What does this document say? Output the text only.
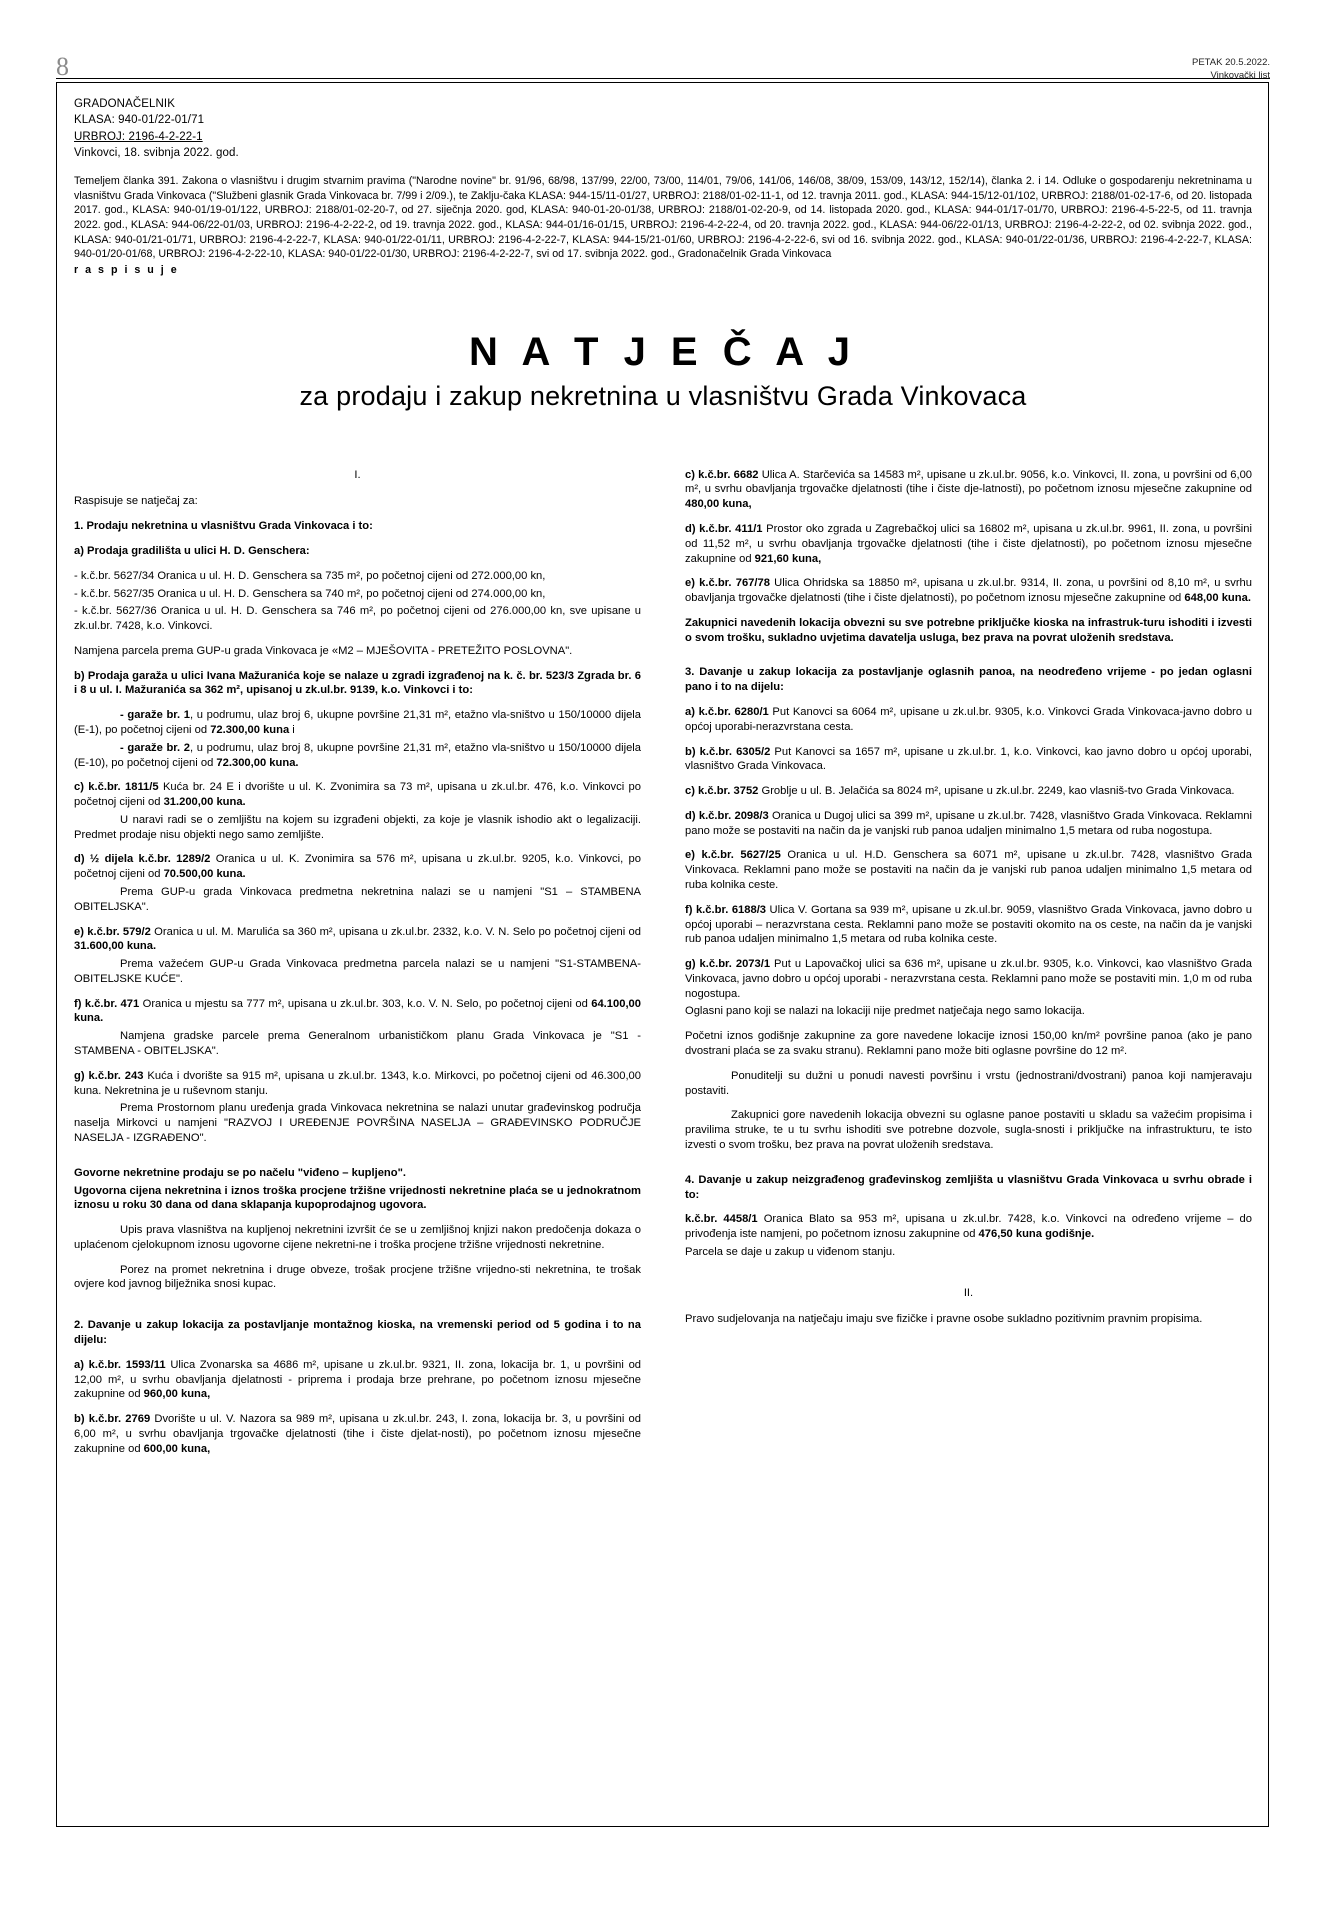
8	PETAK 20.5.2022.
Vinkovački list
GRADONAČELNIK
KLASA: 940-01/22-01/71
URBROJ: 2196-4-2-22-1
Vinkovci, 18. svibnja 2022. god.
Temeljem članka 391. Zakona o vlasništvu i drugim stvarnim pravima ("Narodne novine" br. 91/96, 68/98, 137/99, 22/00, 73/00, 114/01, 79/06, 141/06, 146/08, 38/09, 153/09, 143/12, 152/14), članka 2. i 14. Odluke o gospodarenju nekretninama u vlasništvu Grada Vinkovaca ("Službeni glasnik Grada Vinkovaca br. 7/99 i 2/09.), te Zaklju-čaka KLASA: 944-15/11-01/27, URBROJ: 2188/01-02-11-1, od 12. travnja 2011. god., KLASA: 944-15/12-01/102, URBROJ: 2188/01-02-17-6, od 20. listopada 2017. god., KLASA: 940-01/19-01/122, URBROJ: 2188/01-02-20-7, od 27. siječnja 2020. god, KLASA: 940-01-20-01/38, URBROJ: 2188/01-02-20-9, od 14. listopada 2020. god., KLASA: 944-01/17-01/70, URBROJ: 2196-4-5-22-5, od 11. travnja 2022. god., KLASA: 944-06/22-01/03, URBROJ: 2196-4-2-22-2, od 19. travnja 2022. god., KLASA: 944-01/16-01/15, URBROJ: 2196-4-2-22-4, od 20. travnja 2022. god., KLASA: 944-06/22-01/13, URBROJ: 2196-4-2-22-2, od 02. svibnja 2022. god., KLASA: 940-01/21-01/71, URBROJ: 2196-4-2-22-7, KLASA: 940-01/22-01/11, URBROJ: 2196-4-2-22-7, KLASA: 944-15/21-01/60, URBROJ: 2196-4-2-22-6, svi od 16. svibnja 2022. god., KLASA: 940-01/22-01/36, URBROJ: 2196-4-2-22-7, KLASA: 940-01/20-01/68, URBROJ: 2196-4-2-22-10, KLASA: 940-01/22-01/30, URBROJ: 2196-4-2-22-7, svi od 17. svibnja 2022. god., Gradonačelnik Grada Vinkovaca
r a s p i s u j e
N A T J E Č A J
za prodaju i zakup nekretnina u vlasništvu Grada Vinkovaca
I.

Raspisuje se natječaj za:

1. Prodaju nekretnina u vlasništvu Grada Vinkovaca i to:

a) Prodaja gradilišta u ulici H. D. Genschera:

- k.č.br. 5627/34 Oranica u ul. H. D. Genschera sa 735 m², po početnoj cijeni od 272.000,00 kn,

- k.č.br. 5627/35 Oranica u ul. H. D. Genschera sa 740 m², po početnoj cijeni od 274.000,00 kn,

- k.č.br. 5627/36 Oranica u ul. H. D. Genschera sa 746 m², po početnoj cijeni od 276.000,00 kn, sve upisane u zk.ul.br. 7428, k.o. Vinkovci.

Namjena parcela prema GUP-u grada Vinkovaca je «M2 – MJEŠOVITA - PRETEŽITO POSLOVNA".

b) Prodaja garaža u ulici Ivana Mažuranića koje se nalaze u zgradi izgrađenoj na k. č. br. 523/3 Zgrada br. 6 i 8 u ul. I. Mažuranića sa 362 m², upisanoj u zk.ul.br. 9139, k.o. Vinkovci i to:

- garaže br. 1, u podrumu, ulaz broj 6, ukupne površine 21,31 m², etažno vla-sništvo u 150/10000 dijela (E-1), po početnoj cijeni od 72.300,00 kuna i

- garaže br. 2, u podrumu, ulaz broj 8, ukupne površine 21,31 m², etažno vla-sništvo u 150/10000 dijela (E-10), po početnoj cijeni od 72.300,00 kuna.

c) k.č.br. 1811/5 Kuća br. 24 E i dvorište u ul. K. Zvonimira sa 73 m², upisana u zk.ul.br. 476, k.o. Vinkovci po početnoj cijeni od 31.200,00 kuna.

U naravi radi se o zemljištu na kojem su izgrađeni objekti, za koje je vlasnik ishodio akt o legalizaciji. Predmet prodaje nisu objekti nego samo zemljište.

d) ½ dijela k.č.br. 1289/2 Oranica u ul. K. Zvonimira sa 576 m², upisana u zk.ul.br. 9205, k.o. Vinkovci, po početnoj cijeni od 70.500,00 kuna.

Prema GUP-u grada Vinkovaca predmetna nekretnina nalazi se u namjeni "S1 – STAMBENA OBITELJSKA".

e) k.č.br. 579/2 Oranica u ul. M. Marulića sa 360 m², upisana u zk.ul.br. 2332, k.o. V. N. Selo po početnoj cijeni od 31.600,00 kuna.

Prema važećem GUP-u Grada Vinkovaca predmetna parcela nalazi se u namjeni "S1-STAMBENA-OBITELJSKE KUĆE".

f) k.č.br. 471 Oranica u mjestu sa 777 m², upisana u zk.ul.br. 303, k.o. V. N. Selo, po početnoj cijeni od 64.100,00 kuna.

Namjena gradske parcele prema Generalnom urbanističkom planu Grada Vinkovaca je "S1 - STAMBENA - OBITELJSKA".

g) k.č.br. 243 Kuća i dvorište sa 915 m², upisana u zk.ul.br. 1343, k.o. Mirkovci, po početnoj cijeni od 46.300,00 kuna. Nekretnina je u ruševnom stanju.

Prema Prostornom planu uređenja grada Vinkovaca nekretnina se nalazi unutar građevinskog područja naselja Mirkovci u namjeni "RAZVOJ I UREĐENJE POVRŠINA NASELJA – GRAĐEVINSKO PODRUČJE NASELJA - IZGRAĐENO".

Govorne nekretnine prodaju se po načelu "viđeno – kupljeno".

Ugovorna cijena nekretnina i iznos troška procjene tržišne vrijednosti nekretnine plaća se u jednokratnom iznosu u roku 30 dana od dana sklapanja kupoprodajnog ugovora.

Upis prava vlasništva na kupljenoj nekretnini izvršit će se u zemljišnoj knjizi nakon predočenja dokaza o uplaćenom cjelokupnom iznosu ugovorne cijene nekretni-ne i troška procjene tržišne vrijednosti nekretnine.

Porez na promet nekretnina i druge obveze, trošak procjene tržišne vrijedno-sti nekretnina, te trošak ovjere kod javnog bilježnika snosi kupac.

2. Davanje u zakup lokacija za postavljanje montažnog kioska, na vremenski period od 5 godina i to na dijelu:

a) k.č.br. 1593/11 Ulica Zvonarska sa 4686 m², upisane u zk.ul.br. 9321, II. zona, lokacija br. 1, u površini od 12,00 m², u svrhu obavljanja djelatnosti - priprema i prodaja brze prehrane, po početnom iznosu mjesečne zakupnine od 960,00 kuna,

b) k.č.br. 2769 Dvorište u ul. V. Nazora sa 989 m², upisana u zk.ul.br. 243, I. zona, lokacija br. 3, u površini od 6,00 m², u svrhu obavljanja trgovačke djelatnosti (tihe i čiste djelat-nosti), po početnom iznosu mjesečne zakupnine od 600,00 kuna,

c) k.č.br. 6682 Ulica A. Starčevića sa 14583 m², upisane u zk.ul.br. 9056, k.o. Vinkovci, II. zona, u površini od 6,00 m², u svrhu obavljanja trgovačke djelatnosti (tihe i čiste dje-latnosti), po početnom iznosu mjesečne zakupnine od 480,00 kuna,

d) k.č.br. 411/1 Prostor oko zgrada u Zagrebačkoj ulici sa 16802 m², upisana u zk.ul.br. 9961, II. zona, u površini od 11,52 m², u svrhu obavljanja trgovačke djelatnosti (tihe i čiste djelatnosti), po početnom iznosu mjesečne zakupnine od 921,60 kuna,

e) k.č.br. 767/78 Ulica Ohridska sa 18850 m², upisana u zk.ul.br. 9314, II. zona, u površini od 8,10 m², u svrhu obavljanja trgovačke djelatnosti (tihe i čiste djelatnosti), po početnom iznosu mjesečne zakupnine od 648,00 kuna.

Zakupnici navedenih lokacija obvezni su sve potrebne priključke kioska na infrastruk-turu ishoditi i izvesti o svom trošku, sukladno uvjetima davatelja usluga, bez prava na povrat uloženih sredstava.

3. Davanje u zakup lokacija za postavljanje oglasnih panoa, na neodređeno vrijeme - po jedan oglasni pano i to na dijelu:

a) k.č.br. 6280/1 Put Kanovci sa 6064 m², upisane u zk.ul.br. 9305, k.o. Vinkovci Grada Vinkovaca-javno dobro u općoj uporabi-nerazvrstana cesta.

b) k.č.br. 6305/2 Put Kanovci sa 1657 m², upisane u zk.ul.br. 1, k.o. Vinkovci, kao javno dobro u općoj uporabi, vlasništvo Grada Vinkovaca.

c) k.č.br. 3752 Groblje u ul. B. Jelačića sa 8024 m², upisane u zk.ul.br. 2249, kao vlasniš-tvo Grada Vinkovaca.

d) k.č.br. 2098/3 Oranica u Dugoj ulici sa 399 m², upisane u zk.ul.br. 7428, vlasništvo Grada Vinkovaca. Reklamni pano može se postaviti na način da je vanjski rub panoa udaljen minimalno 1,5 metara od ruba nogostupa.

e) k.č.br. 5627/25 Oranica u ul. H.D. Genschera sa 6071 m², upisane u zk.ul.br. 7428, vlasništvo Grada Vinkovaca. Reklamni pano može se postaviti na način da je vanjski rub panoa udaljen minimalno 1,5 metara od ruba kolnika ceste.

f) k.č.br. 6188/3 Ulica V. Gortana sa 939 m², upisane u zk.ul.br. 9059, vlasništvo Grada Vinkovaca, javno dobro u općoj uporabi – nerazvrstana cesta. Reklamni pano može se postaviti okomito na os ceste, na način da je vanjski rub panoa udaljen minimalno 1,5 metara od ruba kolnika ceste.

g) k.č.br. 2073/1 Put u Lapovačkoj ulici sa 636 m², upisane u zk.ul.br. 9305, k.o. Vinkovci, kao vlasništvo Grada Vinkovaca, javno dobro u općoj uporabi - nerazvrstana cesta. Reklamni pano može se postaviti min. 1,0 m od ruba nogostupa.

Oglasni pano koji se nalazi na lokaciji nije predmet natječaja nego samo lokacija.

Početni iznos godišnje zakupnine za gore navedene lokacije iznosi 150,00 kn/m² površine panoa (ako je pano dvostrani plaća se za svaku stranu). Reklamni pano može biti oglasne površine do 12 m².

Ponuditelji su dužni u ponudi navesti površinu i vrstu (jednostrani/dvostrani) panoa koji namjeravaju postaviti.

Zakupnici gore navedenih lokacija obvezni su oglasne panoe postaviti u skladu sa važećim propisima i pravilima struke, te u tu svrhu ishoditi sve potrebne dozvole, sugla-snosti i priključke na infrastrukturu, te isto izvesti o svom trošku, bez prava na povrat uloženih sredstava.

4. Davanje u zakup neizgrađenog građevinskog zemljišta u vlasništvu Grada Vinkovaca u svrhu obrade i to:

k.č.br. 4458/1 Oranica Blato sa 953 m², upisana u zk.ul.br. 7428, k.o. Vinkovci na određeno vrijeme – do privođenja iste namjeni, po početnom iznosu zakupnine od 476,50 kuna godišnje.

Parcela se daje u zakup u viđenom stanju.

II.

Pravo sudjelovanja na natječaju imaju sve fizičke i pravne osobe sukladno pozitivnim pravnim propisima.
